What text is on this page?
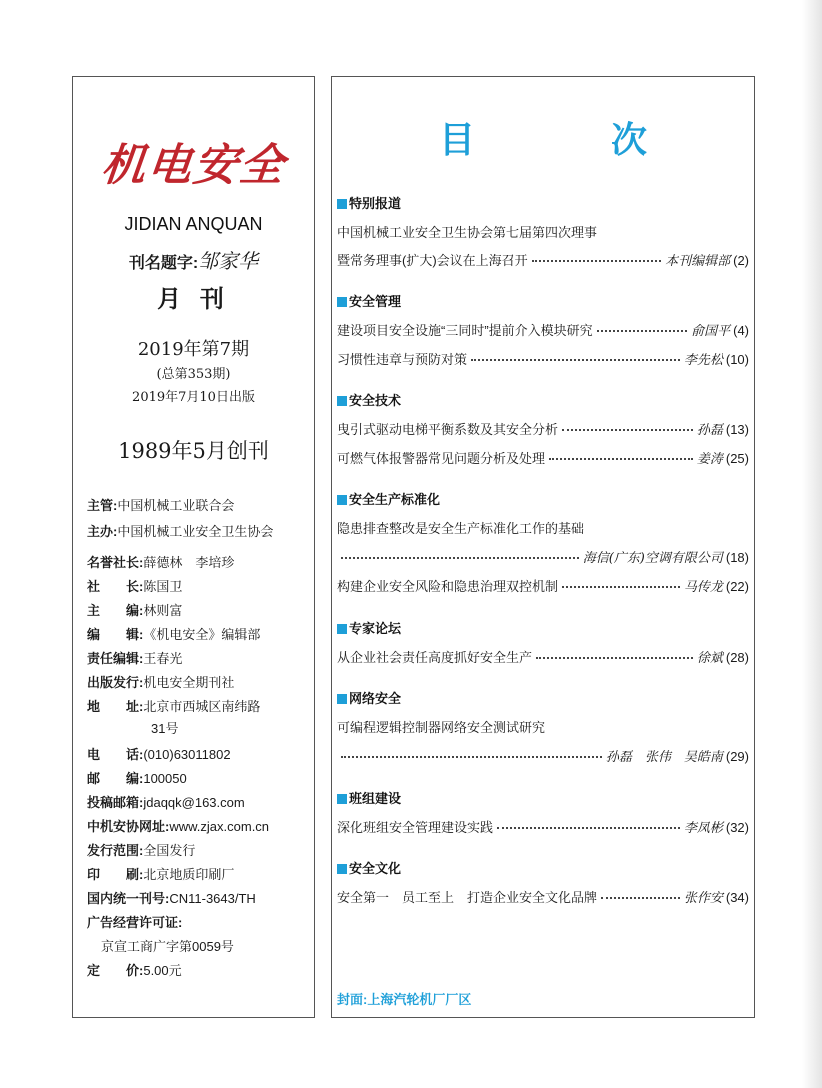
机电安全
JIDIAN ANQUAN
刊名题字:邹家华
月 刊
2019年第7期
(总第353期)
2019年7月10日出版
1989年5月创刊
主管:中国机械工业联合会
主办:中国机械工业安全卫生协会
名誉社长:薛德林　李培珍
社　　长:陈国卫
主　　编:林则富
编　　辑:《机电安全》编辑部
责任编辑:王春光
出版发行:机电安全期刊社
地　　址:北京市西城区南纬路
31号
电　　话:(010)63011802
邮　　编:100050
投稿邮箱:jdaqqk@163.com
中机安协网址:www.zjax.com.cn
发行范围:全国发行
印　　刷:北京地质印刷厂
国内统一刊号:CN11-3643/TH
广告经营许可证:
京宣工商广字第0059号
定　　价:5.00元
目　次
特别报道
中国机械工业安全卫生协会第七届第四次理事
暨常务理事(扩大)会议在上海召开	本刊编辑部 (2)
安全管理
建设项目安全设施“三同时”提前介入模块研究	俞国平 (4)
习惯性违章与预防对策	李先松 (10)
安全技术
曳引式驱动电梯平衡系数及其安全分析	孙磊 (13)
可燃气体报警器常见问题分析及处理	姜涛 (25)
安全生产标准化
隐患排查整改是安全生产标准化工作的基础
海信(广东)空调有限公司 (18)
构建企业安全风险和隐患治理双控机制	马传龙 (22)
专家论坛
从企业社会责任高度抓好安全生产	徐斌 (28)
网络安全
可编程逻辑控制器网络安全测试研究
孙磊　张伟　吴皓南 (29)
班组建设
深化班组安全管理建设实践	李凤彬 (32)
安全文化
安全第一　员工至上　打造企业安全文化品牌	张作安 (34)
封面:上海汽轮机厂厂区
